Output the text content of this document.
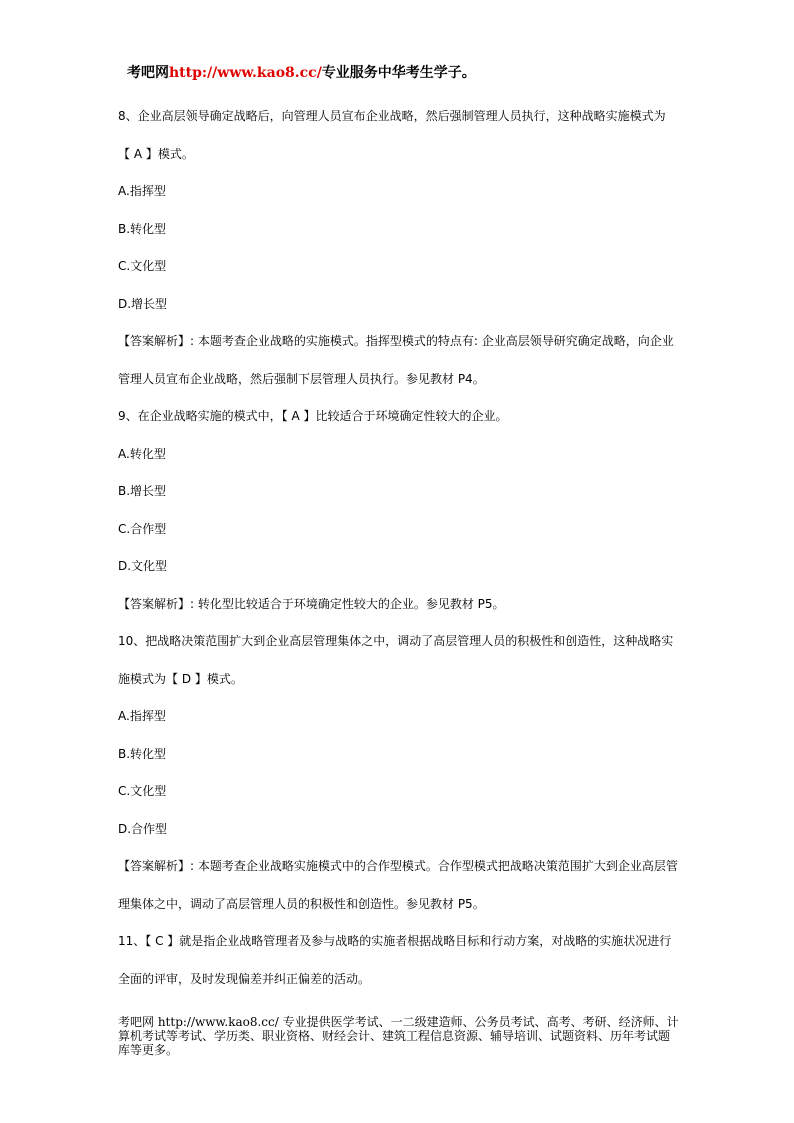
考吧网http://www.kao8.cc/专业服务中华考生学子。
8、企业高层领导确定战略后，向管理人员宣布企业战略，然后强制管理人员执行，这种战略实施模式为
【 A 】模式。
A.指挥型
B.转化型
C.文化型
D.增长型
【答案解析】: 本题考查企业战略的实施模式。指挥型模式的特点有: 企业高层领导研究确定战略，向企业
管理人员宣布企业战略，然后强制下层管理人员执行。参见教材 P4。
9、在企业战略实施的模式中，【 A 】比较适合于环境确定性较大的企业。
A.转化型
B.增长型
C.合作型
D.文化型
【答案解析】: 转化型比较适合于环境确定性较大的企业。参见教材 P5。
10、把战略决策范围扩大到企业高层管理集体之中，调动了高层管理人员的积极性和创造性，这种战略实
施模式为【 D 】模式。
A.指挥型
B.转化型
C.文化型
D.合作型
【答案解析】: 本题考查企业战略实施模式中的合作型模式。合作型模式把战略决策范围扩大到企业高层管
理集体之中，调动了高层管理人员的积极性和创造性。参见教材 P5。
11、【 C 】就是指企业战略管理者及参与战略的实施者根据战略目标和行动方案，对战略的实施状况进行
全面的评审，及时发现偏差并纠正偏差的活动。
考吧网 http://www.kao8.cc/ 专业提供医学考试、一二级建造师、公务员考试、高考、考研、经济师、计算机考试等考试、学历类、职业资格、财经会计、建筑工程信息资源、辅导培训、试题资料、历年考试题库等更多。
